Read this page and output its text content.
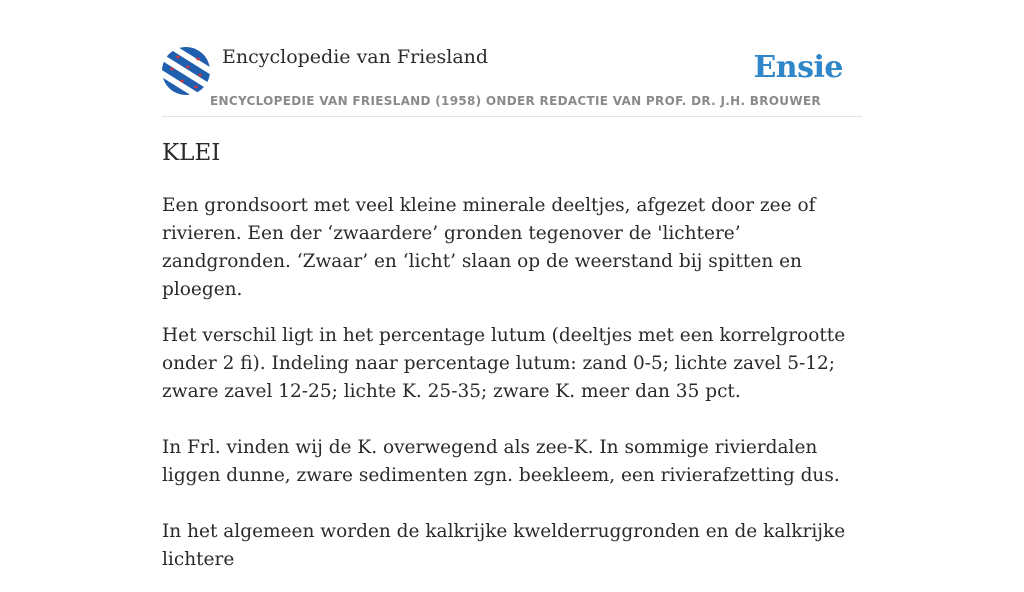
Encyclopedie van Friesland
ENCYCLOPEDIE VAN FRIESLAND (1958) ONDER REDACTIE VAN PROF. DR. J.H. BROUWER
Ensie
KLEI

Een grondsoort met veel kleine minerale deeltjes, afgezet door zee of rivieren. Een der ‘zwaardere’ gronden tegenover de 'lichtere’ zandgronden. ‘Zwaar’ en ‘licht’ slaan op de weerstand bij spitten en ploegen.

Het verschil ligt in het percentage lutum (deeltjes met een korrelgrootte onder 2 fi). Indeling naar percentage lutum: zand 0-5; lichte zavel 5-12; zware zavel 12-25; lichte K. 25-35; zware K. meer dan 35 pct.

In Frl. vinden wij de K. overwegend als zee-K. In sommige rivierdalen liggen dunne, zware sedimenten zgn. beekleem, een rivierafzetting dus.

In het algemeen worden de kalkrijke kwelderruggronden en de kalkrijke lichtere
